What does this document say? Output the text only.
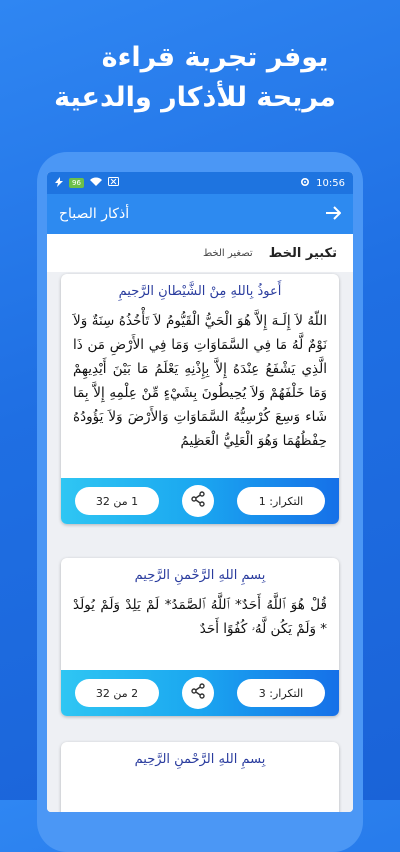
يوفر تجربة قراءة
مريحة للأذكار والدعية
96	10:56
أذكار الصباح
تكبير الخط
تصغير الخط
أَعوذُ بِاللهِ مِنْ الشَّيْطانِ الرَّجيمِ
اللّهُ لاَ إِلَـهَ إِلاَّ هُوَ الْحَيُّ الْقَيُّومُ لاَ تَأْخُذُهُ سِنَةٌ وَلاَ نَوْمٌ لَّهُ مَا فِي السَّمَاوَاتِ وَمَا فِي الأَرْضِ مَن ذَا الَّذِي يَشْفَعُ عِنْدَهُ إِلاَّ بِإِذْنِهِ يَعْلَمُ مَا بَيْنَ أَيْدِيهِمْ وَمَا خَلْفَهُمْ وَلاَ يُحِيطُونَ بِشَيْءٍ مِّنْ عِلْمِهِ إِلاَّ بِمَا شَاء وَسِعَ كُرْسِيُّهُ السَّمَاوَاتِ وَالأَرْضَ وَلاَ يَؤُودُهُ حِفْظُهُمَا وَهُوَ الْعَلِيُّ الْعَظِيمُ
1 من 32	التكرار: 1
بِسمِ اللهِ الرَّحْمنِ الرَّحِيم
قُلْ هُوَ ٱللَّهُ أَحَدٌ* ٱللَّهُ ٱلصَّمَدُ* لَمْ يَلِدْ وَلَمْ يُولَدْ * وَلَمْ يَكُن لَّهُۥ كُفُوًا أَحَدٌ
2 من 32	التكرار: 3
بِسمِ اللهِ الرَّحْمنِ الرَّحِيم
